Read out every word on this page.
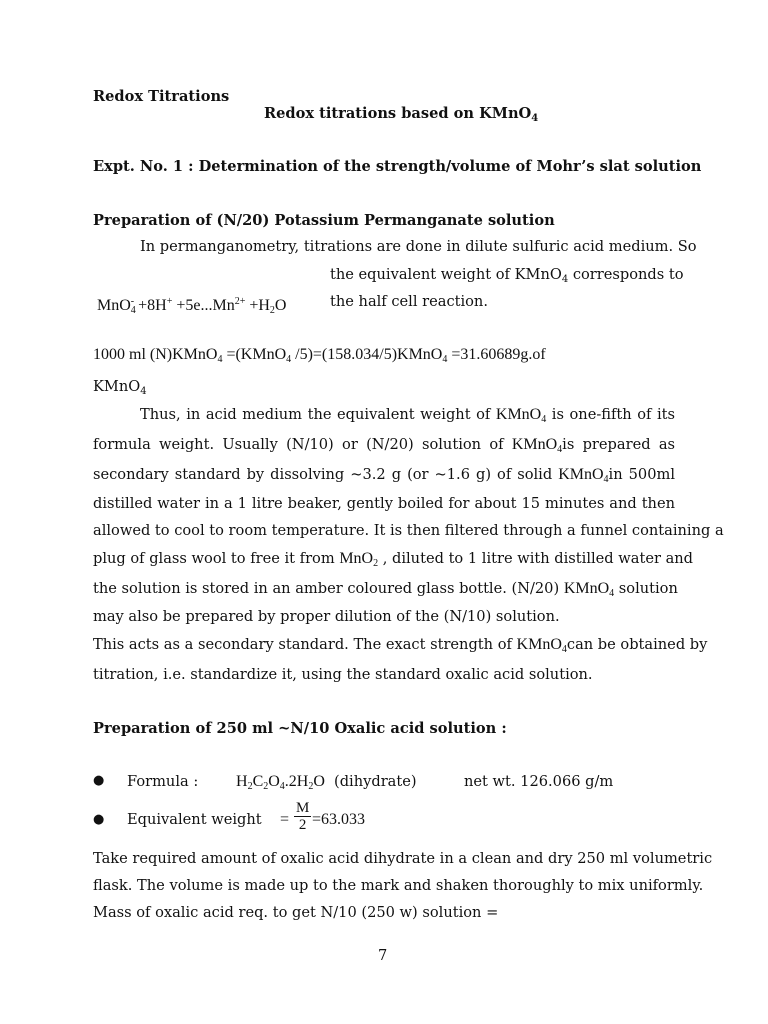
Redox Titrations
Redox titrations based on KMnO$_4$
Expt. No. 1 : Determination of the strength/volume of Mohr’s slat solution
Preparation of (N/20) Potassium Permanganate solution
In permanganometry, titrations are done in dilute sulfuric acid medium. So
the equivalent weight of KMnO$_4$ corresponds to
the half cell reaction.
$MnO_4^- +8H^+ +5e...Mn^{2+} +H_2O$
1000 ml (N)KMnO$_4$ =(KMnO$_4$ /5)=(158.034/5)KMnO$_4$ =31.60689g.of
KMnO$_4$
Thus, in acid medium the equivalent weight of KMnO$_4$ is one-fifth of its
formula weight. Usually (N/10) or (N/20) solution of KMnO$_4$is prepared as
secondary standard by dissolving ~3.2 g (or ~1.6 g) of solid KMnO$_4$in 500ml
distilled water in a 1 litre beaker, gently boiled for about 15 minutes and then
allowed to cool to room temperature. It is then filtered through a funnel containing a
plug of glass wool to free it from MnO$_2$ , diluted to 1 litre with distilled water and
the solution is stored in an amber coloured glass bottle. (N/20) KMnO$_4$ solution
may also be prepared by proper dilution of the (N/10) solution.
This acts as a secondary standard. The exact strength of KMnO$_4$can be obtained by
titration, i.e. standardize it, using the standard oxalic acid solution.
Preparation of 250 ml ~N/10 Oxalic acid solution :
● Formula : $H_2C_2O_4.2H_2O$ (dihydrate)	net wt. 126.066 g/m
● Equivalent weight = $\frac{M}{2} =63.033$
Take required amount of oxalic acid dihydrate in a clean and dry 250 ml volumetric
flask. The volume is made up to the mark and shaken thoroughly to mix uniformly.
Mass of oxalic acid req. to get N/10 (250 w) solution =
7
